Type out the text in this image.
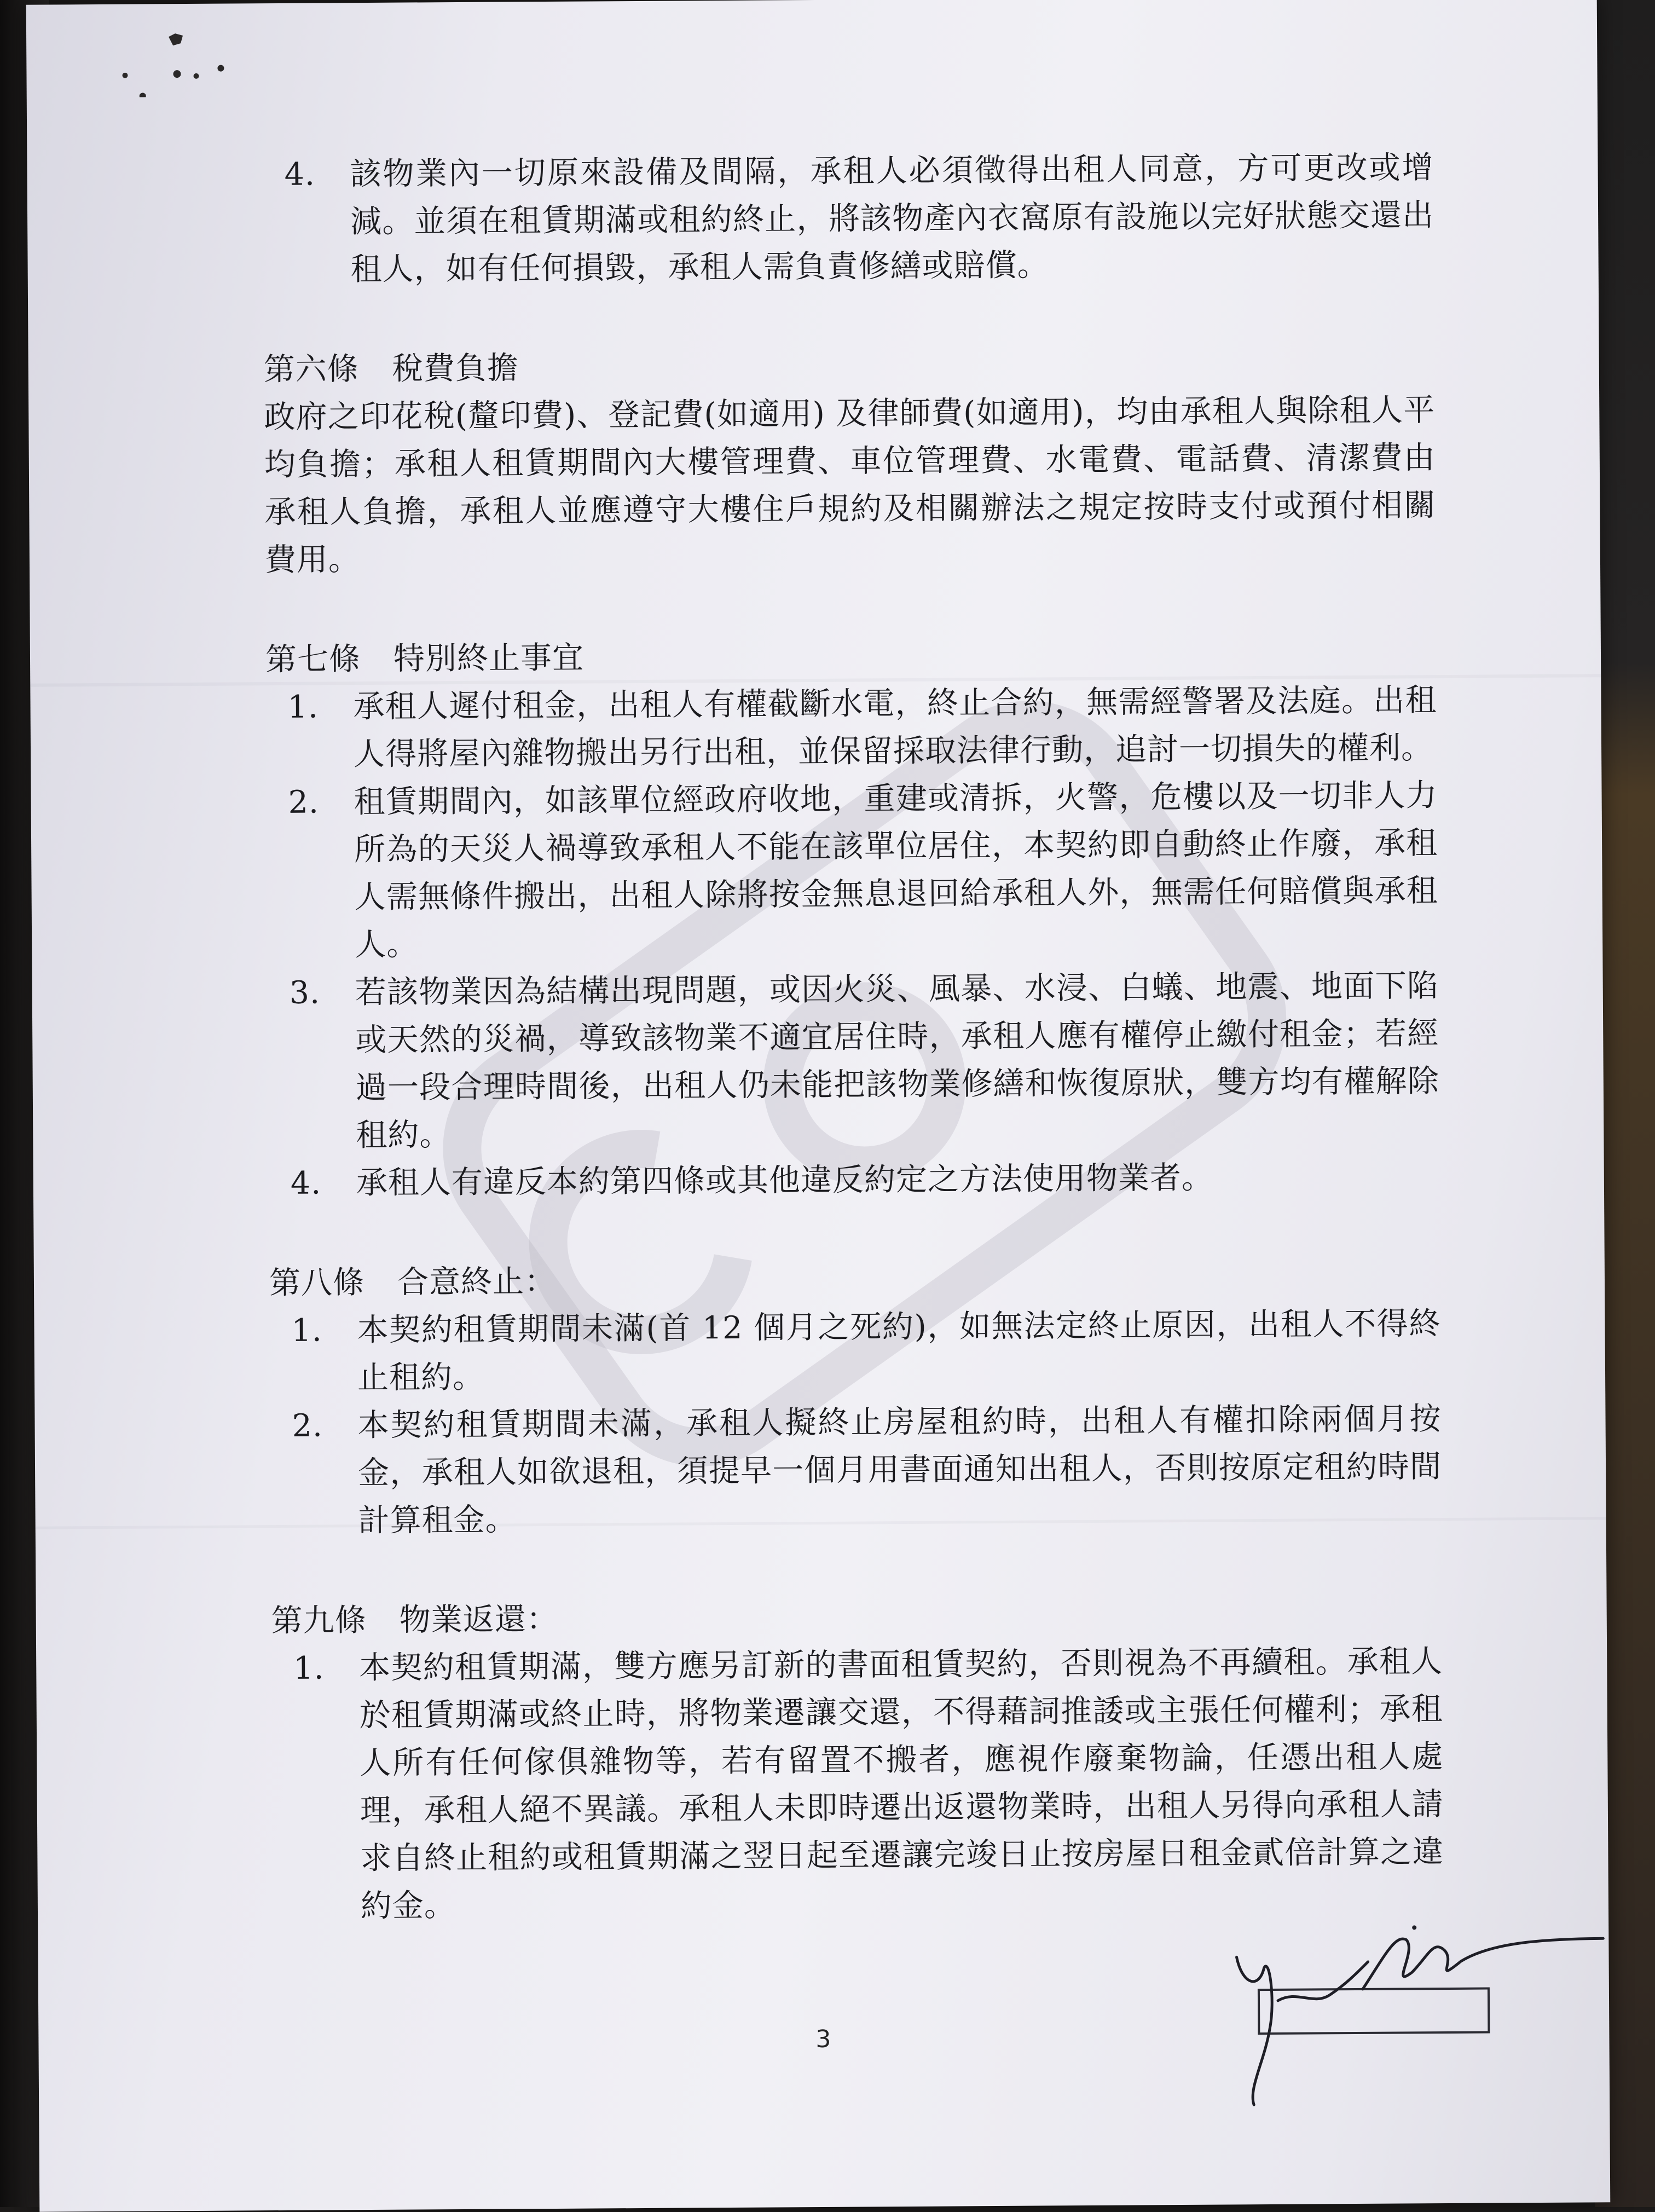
4.	該物業內一切原來設備及間隔，承租人必須徵得出租人同意，方可更改或增減。並須在租賃期滿或租約終止，將該物產內衣窩原有設施以完好狀態交還出租人，如有任何損毀，承租人需負責修繕或賠償。
第六條 稅費負擔
政府之印花稅(釐印費)、登記費(如適用) 及律師費(如適用)，均由承租人與除租人平均負擔；承租人租賃期間內大樓管理費、車位管理費、水電費、電話費、清潔費由承租人負擔，承租人並應遵守大樓住戶規約及相關辦法之規定按時支付或預付相關費用。
第七條 特別終止事宜
1.	承租人遲付租金，出租人有權截斷水電，終止合約，無需經警署及法庭。出租人得將屋內雜物搬出另行出租，並保留採取法律行動，追討一切損失的權利。
2.	租賃期間內，如該單位經政府收地，重建或清拆，火警，危樓以及一切非人力所為的天災人禍導致承租人不能在該單位居住，本契約即自動終止作廢，承租人需無條件搬出，出租人除將按金無息退回給承租人外，無需任何賠償與承租人。
3.	若該物業因為結構出現問題，或因火災、風暴、水浸、白蟻、地震、地面下陷或天然的災禍，導致該物業不適宜居住時，承租人應有權停止繳付租金；若經過一段合理時間後，出租人仍未能把該物業修繕和恢復原狀，雙方均有權解除租約。
4.	承租人有違反本約第四條或其他違反約定之方法使用物業者。
第八條 合意終止：
1.	本契約租賃期間未滿(首 12 個月之死約)，如無法定終止原因，出租人不得終止租約。
2.	本契約租賃期間未滿，承租人擬終止房屋租約時，出租人有權扣除兩個月按金，承租人如欲退租，須提早一個月用書面通知出租人，否則按原定租約時間計算租金。
第九條 物業返還：
1.	本契約租賃期滿，雙方應另訂新的書面租賃契約，否則視為不再續租。承租人於租賃期滿或終止時，將物業遷讓交還，不得藉詞推諉或主張任何權利；承租人所有任何傢俱雜物等，若有留置不搬者，應視作廢棄物論，任憑出租人處理，承租人絕不異議。承租人未即時遷出返還物業時，出租人另得向承租人請求自終止租約或租賃期滿之翌日起至遷讓完竣日止按房屋日租金貳倍計算之違約金。
3
